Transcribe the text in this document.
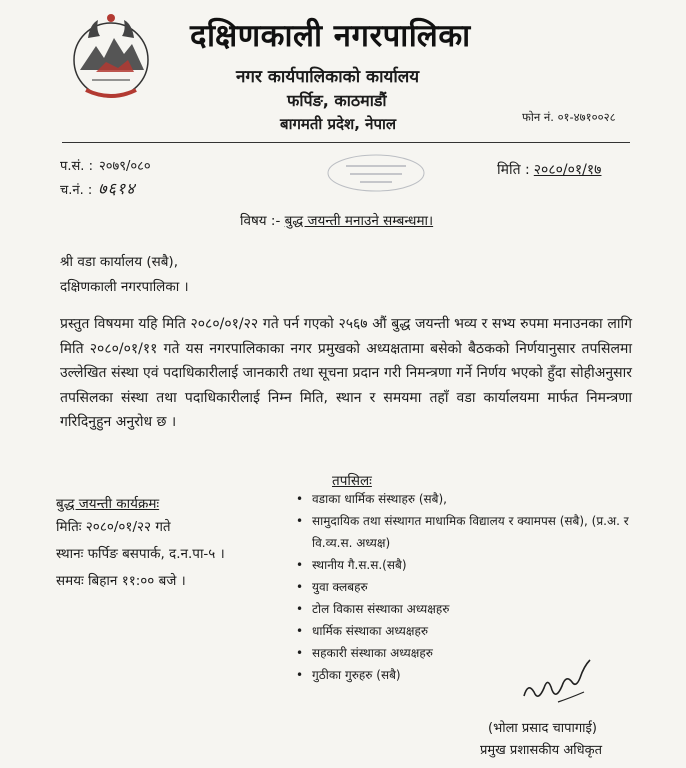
दक्षिणकाली नगरपालिका
नगर कार्यपालिकाको कार्यालय
फर्पिङ, काठमाडौं
बागमती प्रदेश, नेपाल	फोन नं. ०१-४७१००२८
प.सं. : २०७९/०८०
च.नं. : ७६१४
मिति : २०८०/०१/१७
विषय :- बुद्ध जयन्ती मनाउने सम्बन्धमा।
श्री वडा कार्यालय (सबै),
दक्षिणकाली नगरपालिका ।
प्रस्तुत विषयमा यहि मिति २०८०/०१/२२ गते पर्न गएको २५६७ औं बुद्ध जयन्ती भव्य र सभ्य रुपमा मनाउनका लागि मिति २०८०/०१/११ गते यस नगरपालिकाका नगर प्रमुखको अध्यक्षतामा बसेको बैठकको निर्णयानुसार तपसिलमा उल्लेखित संस्था एवं पदाधिकारीलाई जानकारी तथा सूचना प्रदान गरी निमन्त्रणा गर्ने निर्णय भएको हुँदा सोहीअनुसार तपसिलका संस्था तथा पदाधिकारीलाई निम्न मिति, स्थान र समयमा तहाँ वडा कार्यालयमा मार्फत निमन्त्रणा गरिदिनुहुन अनुरोध छ ।
तपसिलः
• वडाका धार्मिक संस्थाहरु (सबै),
• सामुदायिक तथा संस्थागत माधामिक विद्यालय र क्यामपस (सबै), (प्र.अ. र वि.व्य.स. अध्यक्ष)
• स्थानीय गै.स.स.(सबै)
• युवा क्लबहरु
• टोल विकास संस्थाका अध्यक्षहरु
• धार्मिक संस्थाका अध्यक्षहरु
• सहकारी संस्थाका अध्यक्षहरु
• गुठीका गुरुहरु (सबै)
बुद्ध जयन्ती कार्यक्रमः
मितिः २०८०/०१/२२ गते
स्थानः फर्पिङ बसपार्क, द.न.पा-५ ।
समयः बिहान ११:०० बजे ।
(भोला प्रसाद चापागाई)
प्रमुख प्रशासकीय अधिकृत
